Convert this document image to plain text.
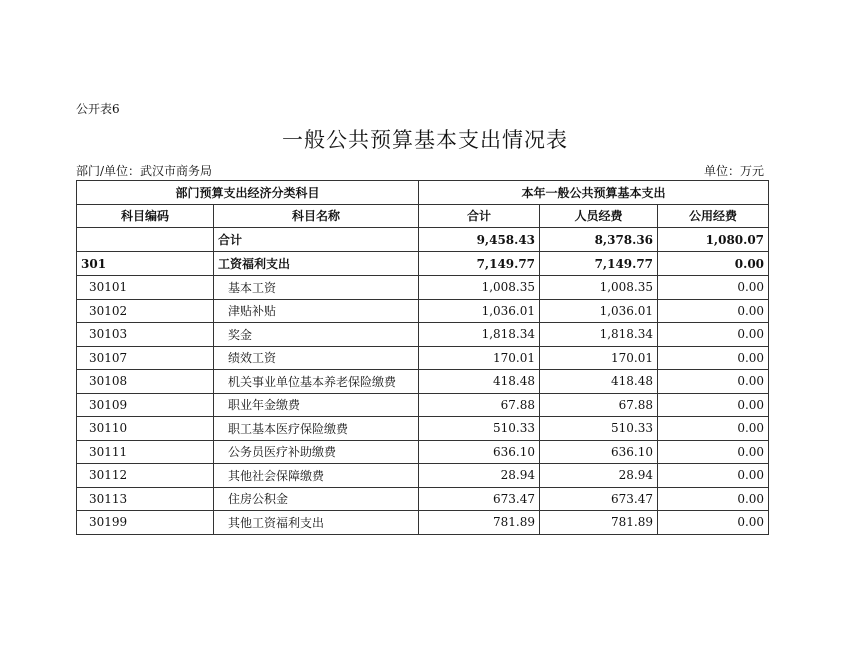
公开表6
一般公共预算基本支出情况表
部门/单位：武汉市商务局	单位：万元
部门预算支出经济分类科目		本年一般公共预算基本支出		
科目编码	科目名称	合计	人员经费	公用经费
	合计	9,458.43	8,378.36	1,080.07
301	工资福利支出	7,149.77	7,149.77	0.00
30101	基本工资	1,008.35	1,008.35	0.00
30102	津贴补贴	1,036.01	1,036.01	0.00
30103	奖金	1,818.34	1,818.34	0.00
30107	绩效工资	170.01	170.01	0.00
30108	机关事业单位基本养老保险缴费	418.48	418.48	0.00
30109	职业年金缴费	67.88	67.88	0.00
30110	职工基本医疗保险缴费	510.33	510.33	0.00
30111	公务员医疗补助缴费	636.10	636.10	0.00
30112	其他社会保障缴费	28.94	28.94	0.00
30113	住房公积金	673.47	673.47	0.00
30199	其他工资福利支出	781.89	781.89	0.00
